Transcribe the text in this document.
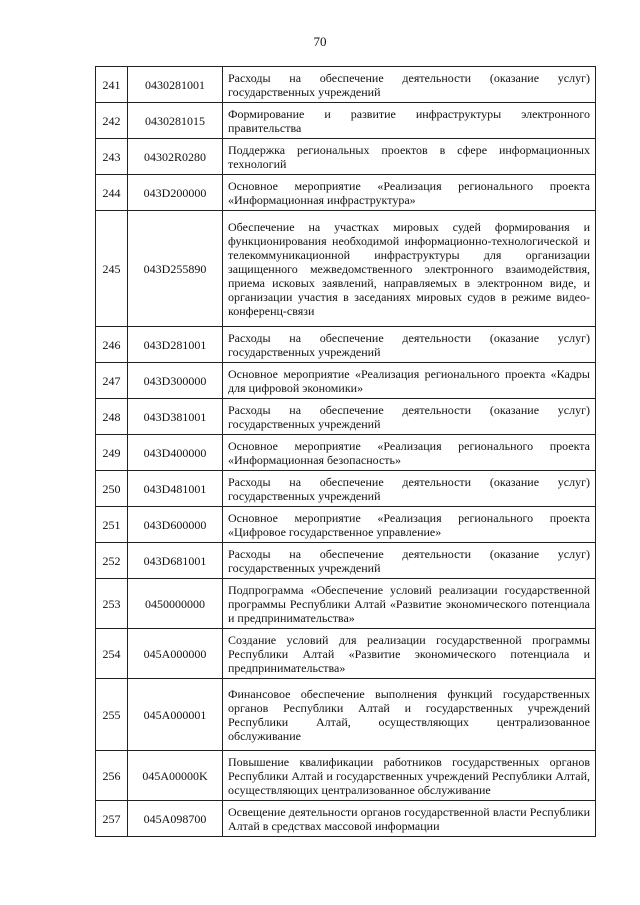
70
241	0430281001	Расходы на обеспечение деятельности (оказание услуг) государственных учреждений
242	0430281015	Формирование и развитие инфраструктуры электронного правительства
243	04302R0280	Поддержка региональных проектов в сфере информационных технологий
244	043D200000	Основное мероприятие «Реализация регионального проекта «Информационная инфраструктура»
245	043D255890	Обеспечение на участках мировых судей формирования и функционирования необходимой информационно-технологической и телекоммуникационной инфраструктуры для организации защищенного межведомственного электронного взаимодействия, приема исковых заявлений, направляемых в электронном виде, и организации участия в заседаниях мировых судов в режиме видео-конференц-связи
246	043D281001	Расходы на обеспечение деятельности (оказание услуг) государственных учреждений
247	043D300000	Основное мероприятие «Реализация регионального проекта «Кадры для цифровой экономики»
248	043D381001	Расходы на обеспечение деятельности (оказание услуг) государственных учреждений
249	043D400000	Основное мероприятие «Реализация регионального проекта «Информационная безопасность»
250	043D481001	Расходы на обеспечение деятельности (оказание услуг) государственных учреждений
251	043D600000	Основное мероприятие «Реализация регионального проекта «Цифровое государственное управление»
252	043D681001	Расходы на обеспечение деятельности (оказание услуг) государственных учреждений
253	0450000000	Подпрограмма «Обеспечение условий реализации государственной программы Республики Алтай «Развитие экономического потенциала и предпринимательства»
254	045A000000	Создание условий для реализации государственной программы Республики Алтай «Развитие экономического потенциала и предпринимательства»
255	045A000001	Финансовое обеспечение выполнения функций государственных органов Республики Алтай и государственных учреждений Республики Алтай, осуществляющих централизованное обслуживание
256	045A00000K	Повышение квалификации работников государственных органов Республики Алтай и государственных учреждений Республики Алтай, осуществляющих централизованное обслуживание
257	045A098700	Освещение деятельности органов государственной власти Республики Алтай в средствах массовой информации
